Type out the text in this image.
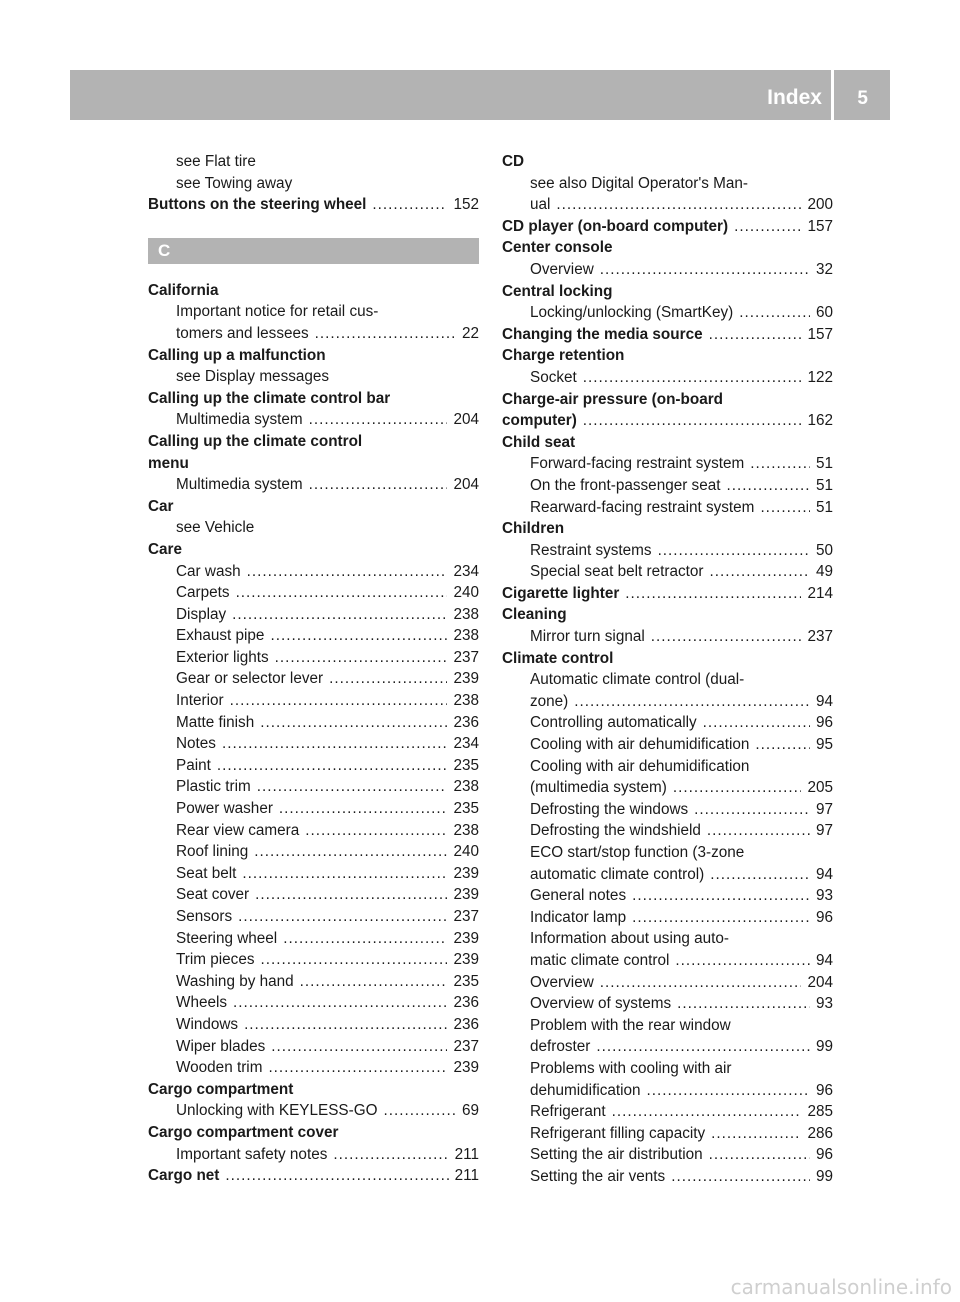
Index 5
see Flat tire
see Towing away
Buttons on the steering wheel .....	152
C
California
Important notice for retail cus-
tomers and lessees .....	22
Calling up a malfunction
see Display messages
Calling up the climate control bar
Multimedia system .....	204
Calling up the climate control
menu
Multimedia system .....	204
Car
see Vehicle
Care
Car wash .....	234
Carpets .....	240
Display .....	238
Exhaust pipe .....	238
Exterior lights .....	237
Gear or selector lever .....	239
Interior .....	238
Matte finish .....	236
Notes .....	234
Paint .....	235
Plastic trim .....	238
Power washer .....	235
Rear view camera .....	238
Roof lining .....	240
Seat belt .....	239
Seat cover .....	239
Sensors .....	237
Steering wheel .....	239
Trim pieces .....	239
Washing by hand .....	235
Wheels .....	236
Windows .....	236
Wiper blades .....	237
Wooden trim .....	239
Cargo compartment
Unlocking with KEYLESS-GO .....	69
Cargo compartment cover
Important safety notes .....	211
Cargo net .....	211
CD
see also Digital Operator's Man-
ual .....	200
CD player (on-board computer) .....	157
Center console
Overview .....	32
Central locking
Locking/unlocking (SmartKey) .....	60
Changing the media source .....	157
Charge retention
Socket .....	122
Charge-air pressure (on-board
computer) .....	162
Child seat
Forward-facing restraint system .....	51
On the front-passenger seat .....	51
Rearward-facing restraint system .....	51
Children
Restraint systems .....	50
Special seat belt retractor .....	49
Cigarette lighter .....	214
Cleaning
Mirror turn signal .....	237
Climate control
Automatic climate control (dual-
zone) .....	94
Controlling automatically .....	96
Cooling with air dehumidification .....	95
Cooling with air dehumidification
(multimedia system) .....	205
Defrosting the windows .....	97
Defrosting the windshield .....	97
ECO start/stop function (3-zone
automatic climate control) .....	94
General notes .....	93
Indicator lamp .....	96
Information about using auto-
matic climate control .....	94
Overview .....	204
Overview of systems .....	93
Problem with the rear window
defroster .....	99
Problems with cooling with air
dehumidification .....	96
Refrigerant .....	285
Refrigerant filling capacity .....	286
Setting the air distribution .....	96
Setting the air vents .....	99
carmanualsonline.info
